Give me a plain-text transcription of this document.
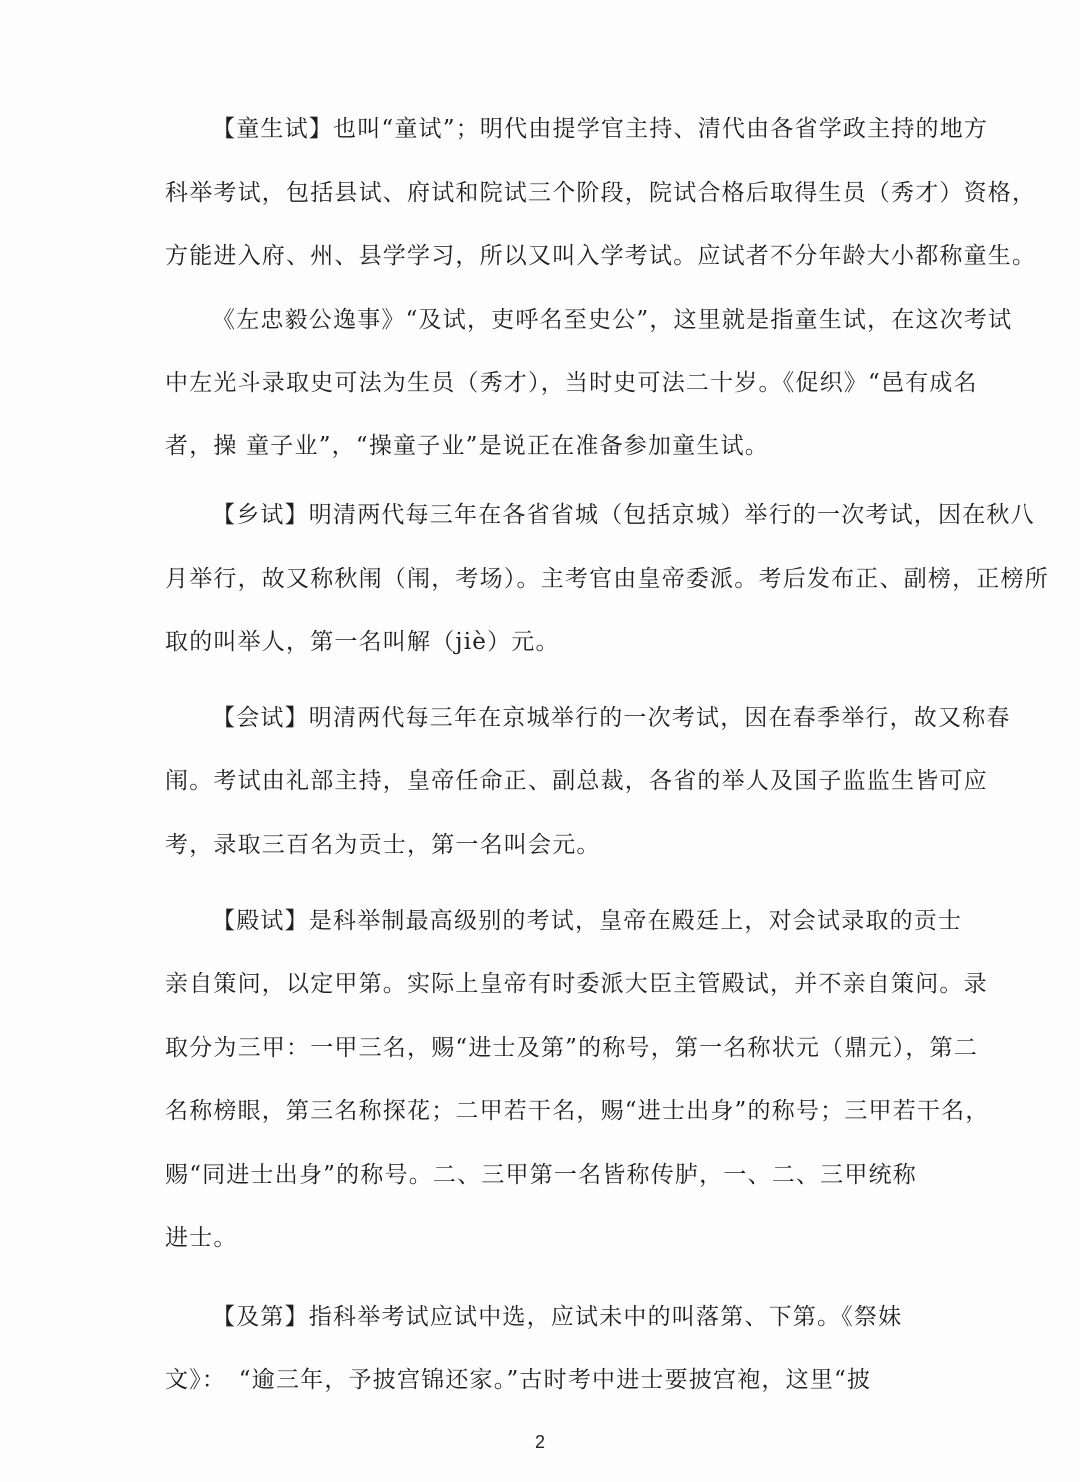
【童生试】也叫“童试”；明代由提学官主持、清代由各省学政主持的地方
科举考试，包括县试、府试和院试三个阶段，院试合格后取得生员（秀才）资格，
方能进入府、州、县学学习，所以又叫入学考试。应试者不分年龄大小都称童生。
《左忠毅公逸事》“及试，吏呼名至史公”，这里就是指童生试，在这次考试
中左光斗录取史可法为生员（秀才），当时史可法二十岁。《促织》“邑有成名
者，操 童子业”，“操童子业”是说正在准备参加童生试。
【乡试】明清两代每三年在各省省城（包括京城）举行的一次考试，因在秋八
月举行，故又称秋闱（闱，考场）。主考官由皇帝委派。考后发布正、副榜，正榜所
取的叫举人，第一名叫解（jiè）元。
【会试】明清两代每三年在京城举行的一次考试，因在春季举行，故又称春
闱。考试由礼部主持，皇帝任命正、副总裁，各省的举人及国子监监生皆可应
考，录取三百名为贡士，第一名叫会元。
【殿试】是科举制最高级别的考试，皇帝在殿廷上，对会试录取的贡士
亲自策问，以定甲第。实际上皇帝有时委派大臣主管殿试，并不亲自策问。录
取分为三甲：一甲三名，赐“进士及第”的称号，第一名称状元（鼎元），第二
名称榜眼，第三名称探花；二甲若干名，赐“进士出身”的称号；三甲若干名，
赐“同进士出身”的称号。二、三甲第一名皆称传胪，一、二、三甲统称
进士。
【及第】指科举考试应试中选，应试未中的叫落第、下第。《祭妹
文》：　“逾三年，予披宫锦还家。”古时考中进士要披宫袍，这里“披
2
